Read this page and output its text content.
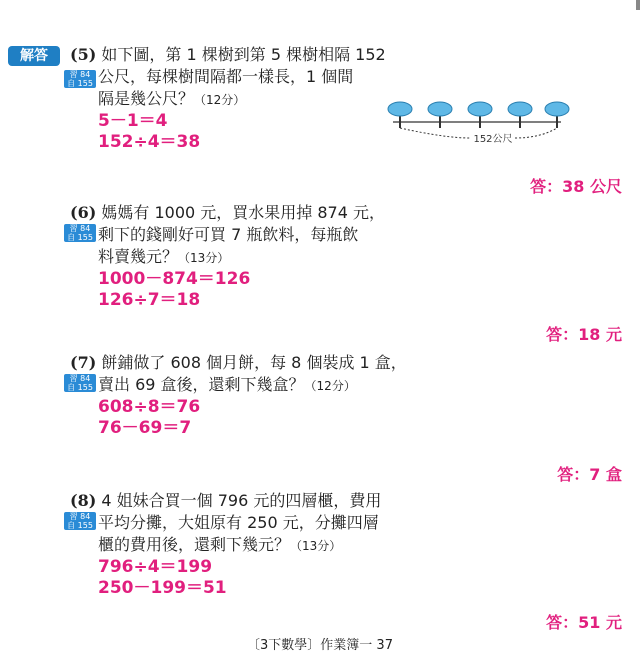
解答	(5) 如下圖，第 1 棵樹到第 5 棵樹相隔 152
公尺，每棵樹間隔都一樣長，1 個間
隔是幾公尺？（12分）
習 84
自 155
5－1＝4
152÷4＝38	152公尺
答：38 公尺
(6) 媽媽有 1000 元，買水果用掉 874 元，
剩下的錢剛好可買 7 瓶飲料，每瓶飲
料賣幾元？（13分）
習 84
自 155
1000－874＝126
126÷7＝18
答：18 元
(7) 餅鋪做了 608 個月餅，每 8 個裝成 1 盒，
賣出 69 盒後，還剩下幾盒？（12分）
習 84
自 155
608÷8＝76
76－69＝7
答：7 盒
(8) 4 姐妹合買一個 796 元的四層櫃，費用
平均分攤，大姐原有 250 元，分攤四層
櫃的費用後，還剩下幾元？（13分）
習 84
自 155
796÷4＝199
250－199＝51
答：51 元
〔3下數學〕作業簿一 37
